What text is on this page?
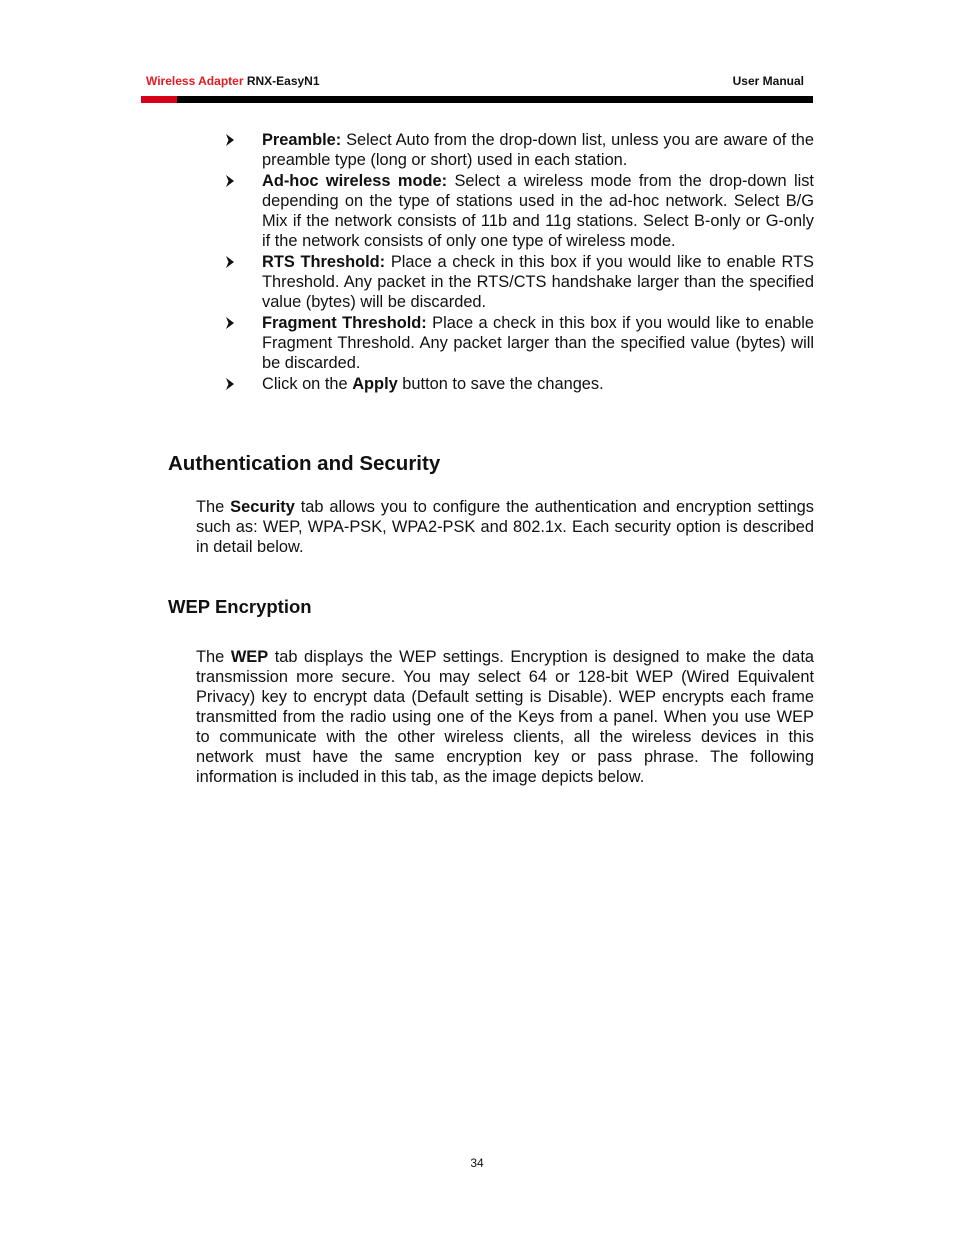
Wireless Adapter RNX-EasyN1	User Manual
Preamble: Select Auto from the drop-down list, unless you are aware of the preamble type (long or short) used in each station.
Ad-hoc wireless mode: Select a wireless mode from the drop-down list depending on the type of stations used in the ad-hoc network. Select B/G Mix if the network consists of 11b and 11g stations. Select B-only or G-only if the network consists of only one type of wireless mode.
RTS Threshold: Place a check in this box if you would like to enable RTS Threshold. Any packet in the RTS/CTS handshake larger than the specified value (bytes) will be discarded.
Fragment Threshold: Place a check in this box if you would like to enable Fragment Threshold. Any packet larger than the specified value (bytes) will be discarded.
Click on the Apply button to save the changes.
Authentication and Security

The Security tab allows you to configure the authentication and encryption settings such as: WEP, WPA-PSK, WPA2-PSK and 802.1x. Each security option is described in detail below.

WEP Encryption

The WEP tab displays the WEP settings. Encryption is designed to make the data transmission more secure. You may select 64 or 128-bit WEP (Wired Equivalent Privacy) key to encrypt data (Default setting is Disable). WEP encrypts each frame transmitted from the radio using one of the Keys from a panel. When you use WEP to communicate with the other wireless clients, all the wireless devices in this network must have the same encryption key or pass phrase. The following information is included in this tab, as the image depicts below.

34
